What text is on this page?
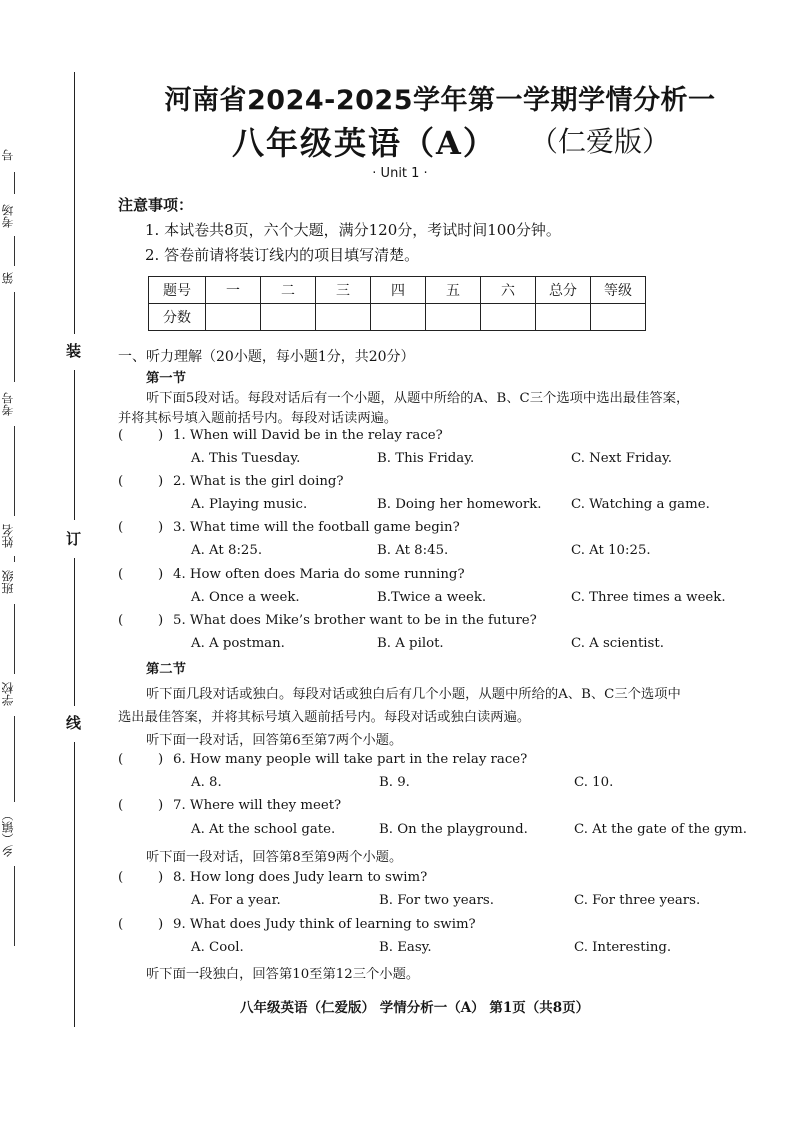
装
订
线
号
考场
第
考号
姓名
班级
学校
乡（镇）
河南省2024-2025学年第一学期学情分析一
八年级英语（A） （仁爱版）
· Unit 1 ·
注意事项：
1. 本试卷共8页，六个大题，满分120分，考试时间100分钟。
2. 答卷前请将装订线内的项目填写清楚。
题号	一	二	三	四	五	六	总分	等级
分数								
一、听力理解（20小题，每小题1分，共20分）
第一节
听下面5段对话。每段对话后有一个小题，从题中所给的A、B、C三个选项中选出最佳答案，
并将其标号填入题前括号内。每段对话读两遍。
(	) 1. When will David be in the relay race?
A. This Tuesday.	B. This Friday.	C. Next Friday.
(	) 2. What is the girl doing?
A. Playing music.	B. Doing her homework. C. Watching a game.
(	) 3. What time will the football game begin?
A. At 8:25.	B. At 8:45.	C. At 10:25.
(	) 4. How often does Maria do some running?
A. Once a week.	B.Twice a week.	C. Three times a week.
(	) 5. What does Mike’s brother want to be in the future?
A. A postman.	B. A pilot.	C. A scientist.
第二节
听下面几段对话或独白。每段对话或独白后有几个小题，从题中所给的A、B、C三个选项中
选出最佳答案，并将其标号填入题前括号内。每段对话或独白读两遍。
听下面一段对话，回答第6至第7两个小题。
(	) 6. How many people will take part in the relay race?
A. 8.	B. 9.	C. 10.
(	) 7. Where will they meet?
A. At the school gate.	B. On the playground.	C. At the gate of the gym.
听下面一段对话，回答第8至第9两个小题。
(	) 8. How long does Judy learn to swim?
A. For a year.	B. For two years.	C. For three years.
(	) 9. What does Judy think of learning to swim?
A. Cool.	B. Easy.	C. Interesting.
听下面一段独白，回答第10至第12三个小题。
八年级英语（仁爱版） 学情分析一（A） 第1页（共8页）
